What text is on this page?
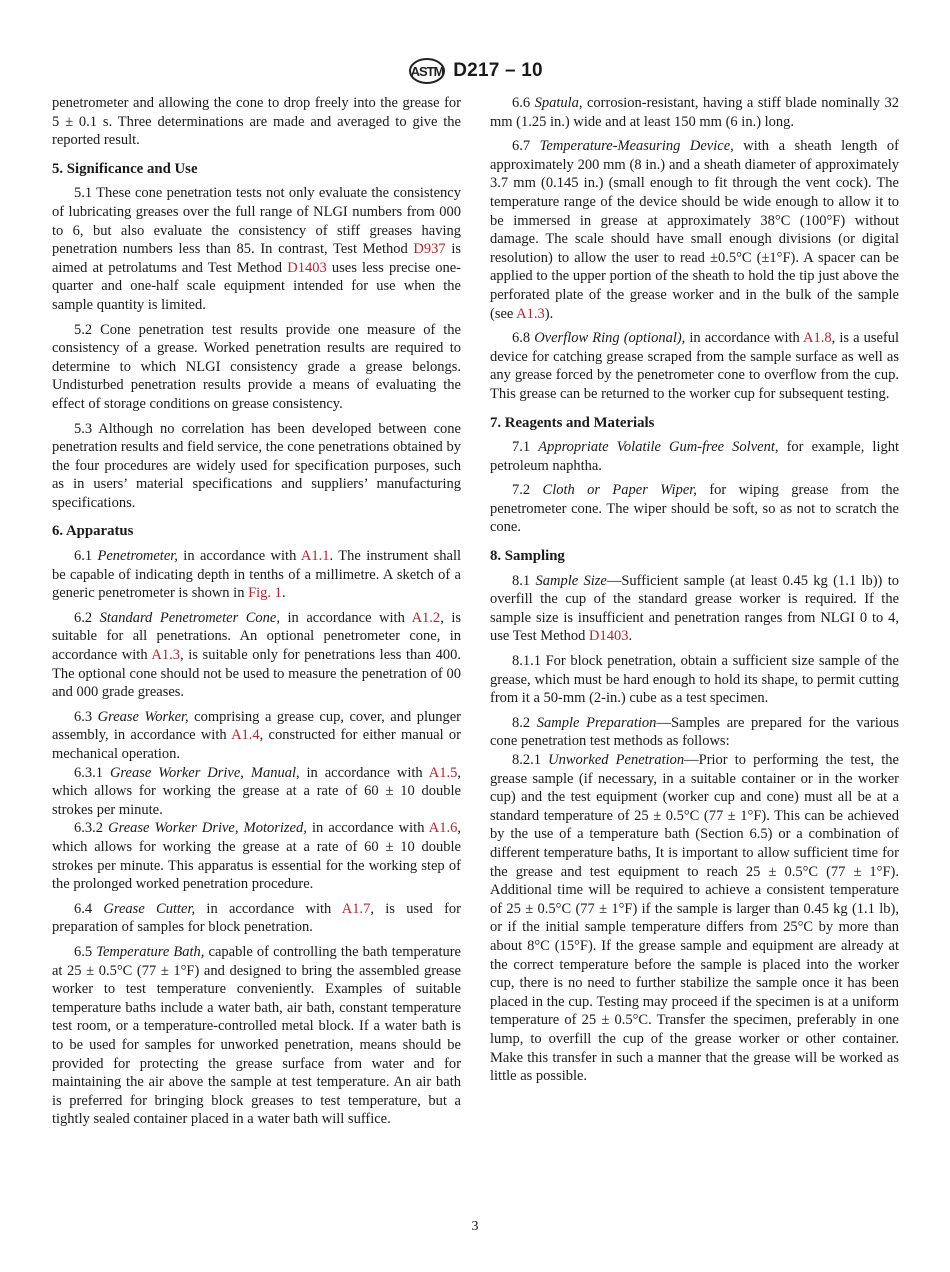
ASTM D217 – 10
penetrometer and allowing the cone to drop freely into the grease for 5 ± 0.1 s. Three determinations are made and averaged to give the reported result.
5. Significance and Use
5.1 These cone penetration tests not only evaluate the consistency of lubricating greases over the full range of NLGI numbers from 000 to 6, but also evaluate the consistency of stiff greases having penetration numbers less than 85. In contrast, Test Method D937 is aimed at petrolatums and Test Method D1403 uses less precise one-quarter and one-half scale equipment intended for use when the sample quantity is limited.
5.2 Cone penetration test results provide one measure of the consistency of a grease. Worked penetration results are required to determine to which NLGI consistency grade a grease belongs. Undisturbed penetration results provide a means of evaluating the effect of storage conditions on grease consistency.
5.3 Although no correlation has been developed between cone penetration results and field service, the cone penetrations obtained by the four procedures are widely used for specification purposes, such as in users’ material specifications and suppliers’ manufacturing specifications.
6. Apparatus
6.1 Penetrometer, in accordance with A1.1. The instrument shall be capable of indicating depth in tenths of a millimetre. A sketch of a generic penetrometer is shown in Fig. 1.
6.2 Standard Penetrometer Cone, in accordance with A1.2, is suitable for all penetrations. An optional penetrometer cone, in accordance with A1.3, is suitable only for penetrations less than 400. The optional cone should not be used to measure the penetration of 00 and 000 grade greases.
6.3 Grease Worker, comprising a grease cup, cover, and plunger assembly, in accordance with A1.4, constructed for either manual or mechanical operation.
6.3.1 Grease Worker Drive, Manual, in accordance with A1.5, which allows for working the grease at a rate of 60 ± 10 double strokes per minute.
6.3.2 Grease Worker Drive, Motorized, in accordance with A1.6, which allows for working the grease at a rate of 60 ± 10 double strokes per minute. This apparatus is essential for the working step of the prolonged worked penetration procedure.
6.4 Grease Cutter, in accordance with A1.7, is used for preparation of samples for block penetration.
6.5 Temperature Bath, capable of controlling the bath temperature at 25 ± 0.5°C (77 ± 1°F) and designed to bring the assembled grease worker to test temperature conveniently. Examples of suitable temperature baths include a water bath, air bath, constant temperature test room, or a temperature-controlled metal block. If a water bath is to be used for samples for unworked penetration, means should be provided for protecting the grease surface from water and for maintaining the air above the sample at test temperature. An air bath is preferred for bringing block greases to test temperature, but a tightly sealed container placed in a water bath will suffice.
6.6 Spatula, corrosion-resistant, having a stiff blade nominally 32 mm (1.25 in.) wide and at least 150 mm (6 in.) long.
6.7 Temperature-Measuring Device, with a sheath length of approximately 200 mm (8 in.) and a sheath diameter of approximately 3.7 mm (0.145 in.) (small enough to fit through the vent cock). The temperature range of the device should be wide enough to allow it to be immersed in grease at approximately 38°C (100°F) without damage. The scale should have small enough divisions (or digital resolution) to allow the user to read ±0.5°C (±1°F). A spacer can be applied to the upper portion of the sheath to hold the tip just above the perforated plate of the grease worker and in the bulk of the sample (see A1.3).
6.8 Overflow Ring (optional), in accordance with A1.8, is a useful device for catching grease scraped from the sample surface as well as any grease forced by the penetrometer cone to overflow from the cup. This grease can be returned to the worker cup for subsequent testing.
7. Reagents and Materials
7.1 Appropriate Volatile Gum-free Solvent, for example, light petroleum naphtha.
7.2 Cloth or Paper Wiper, for wiping grease from the penetrometer cone. The wiper should be soft, so as not to scratch the cone.
8. Sampling
8.1 Sample Size—Sufficient sample (at least 0.45 kg (1.1 lb)) to overfill the cup of the standard grease worker is required. If the sample size is insufficient and penetration ranges from NLGI 0 to 4, use Test Method D1403.
8.1.1 For block penetration, obtain a sufficient size sample of the grease, which must be hard enough to hold its shape, to permit cutting from it a 50-mm (2-in.) cube as a test specimen.
8.2 Sample Preparation—Samples are prepared for the various cone penetration test methods as follows:
8.2.1 Unworked Penetration—Prior to performing the test, the grease sample (if necessary, in a suitable container or in the worker cup) and the test equipment (worker cup and cone) must all be at a standard temperature of 25 ± 0.5°C (77 ± 1°F). This can be achieved by the use of a temperature bath (Section 6.5) or a combination of different temperature baths, It is important to allow sufficient time for the grease and test equipment to reach 25 ± 0.5°C (77 ± 1°F). Additional time will be required to achieve a consistent temperature of 25 ± 0.5°C (77 ± 1°F) if the sample is larger than 0.45 kg (1.1 lb), or if the initial sample temperature differs from 25°C by more than about 8°C (15°F). If the grease sample and equipment are already at the correct temperature before the sample is placed into the worker cup, there is no need to further stabilize the sample once it has been placed in the cup. Testing may proceed if the specimen is at a uniform temperature of 25 ± 0.5°C. Transfer the specimen, preferably in one lump, to overfill the cup of the grease worker or other container. Make this transfer in such a manner that the grease will be worked as little as possible.
3
